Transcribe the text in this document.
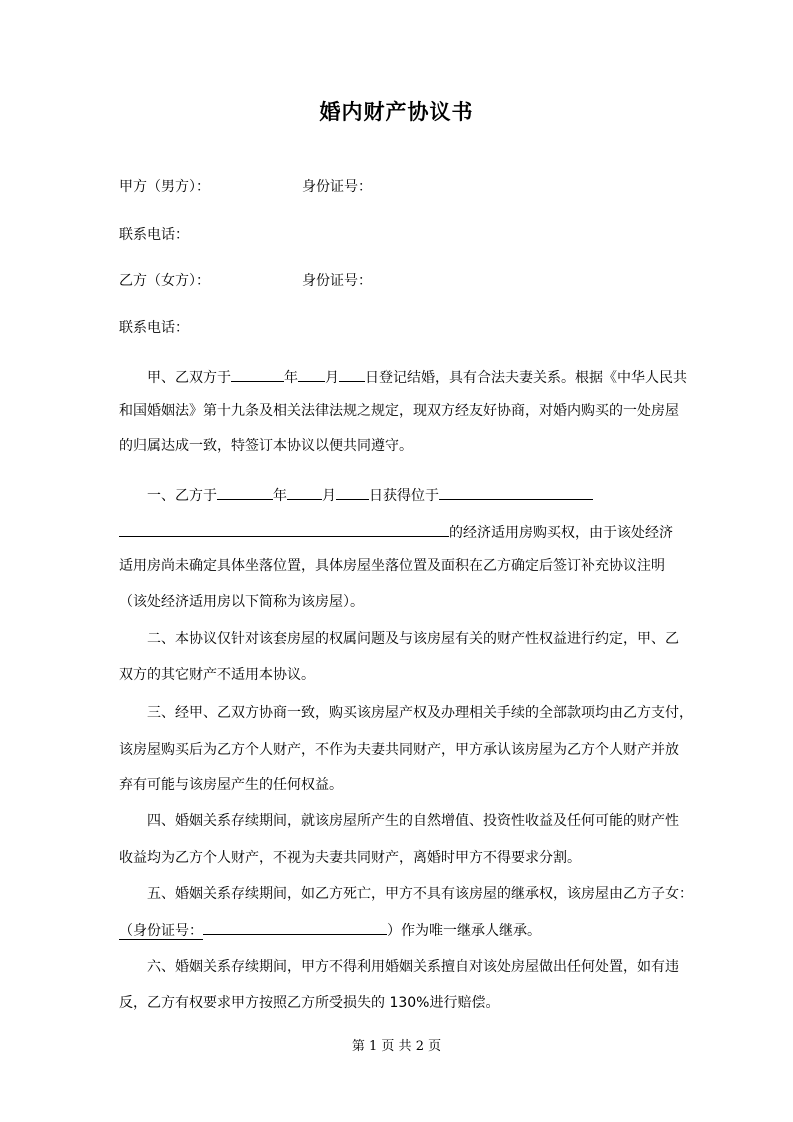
婚内财产协议书
甲方（男方）：	身份证号：
联系电话：
乙方（女方）：	身份证号：
联系电话：
甲、乙双方于	年 月 日登记结婚，具有合法夫妻关系。根据《中华人民共
和国婚姻法》第十九条及相关法律法规之规定，现双方经友好协商，对婚内购买的一处房屋
的归属达成一致，特签订本协议以便共同遵守。
一、乙方于	年	月 日获得位于
的经济适用房购买权，由于该处经济
适用房尚未确定具体坐落位置，具体房屋坐落位置及面积在乙方确定后签订补充协议注明
（该处经济适用房以下简称为该房屋）。
二、本协议仅针对该套房屋的权属问题及与该房屋有关的财产性权益进行约定，甲、乙
双方的其它财产不适用本协议。
三、经甲、乙双方协商一致，购买该房屋产权及办理相关手续的全部款项均由乙方支付，
该房屋购买后为乙方个人财产，不作为夫妻共同财产，甲方承认该房屋为乙方个人财产并放
弃有可能与该房屋产生的任何权益。
四、婚姻关系存续期间，就该房屋所产生的自然增值、投资性收益及任何可能的财产性
收益均为乙方个人财产，不视为夫妻共同财产，离婚时甲方不得要求分割。
五、婚姻关系存续期间，如乙方死亡，甲方不具有该房屋的继承权，该房屋由乙方子女：
（身份证号：	）作为唯一继承人继承。
六、婚姻关系存续期间，甲方不得利用婚姻关系擅自对该处房屋做出任何处置，如有违
反，乙方有权要求甲方按照乙方所受损失的 130%进行赔偿。
第 1 页 共 2 页
